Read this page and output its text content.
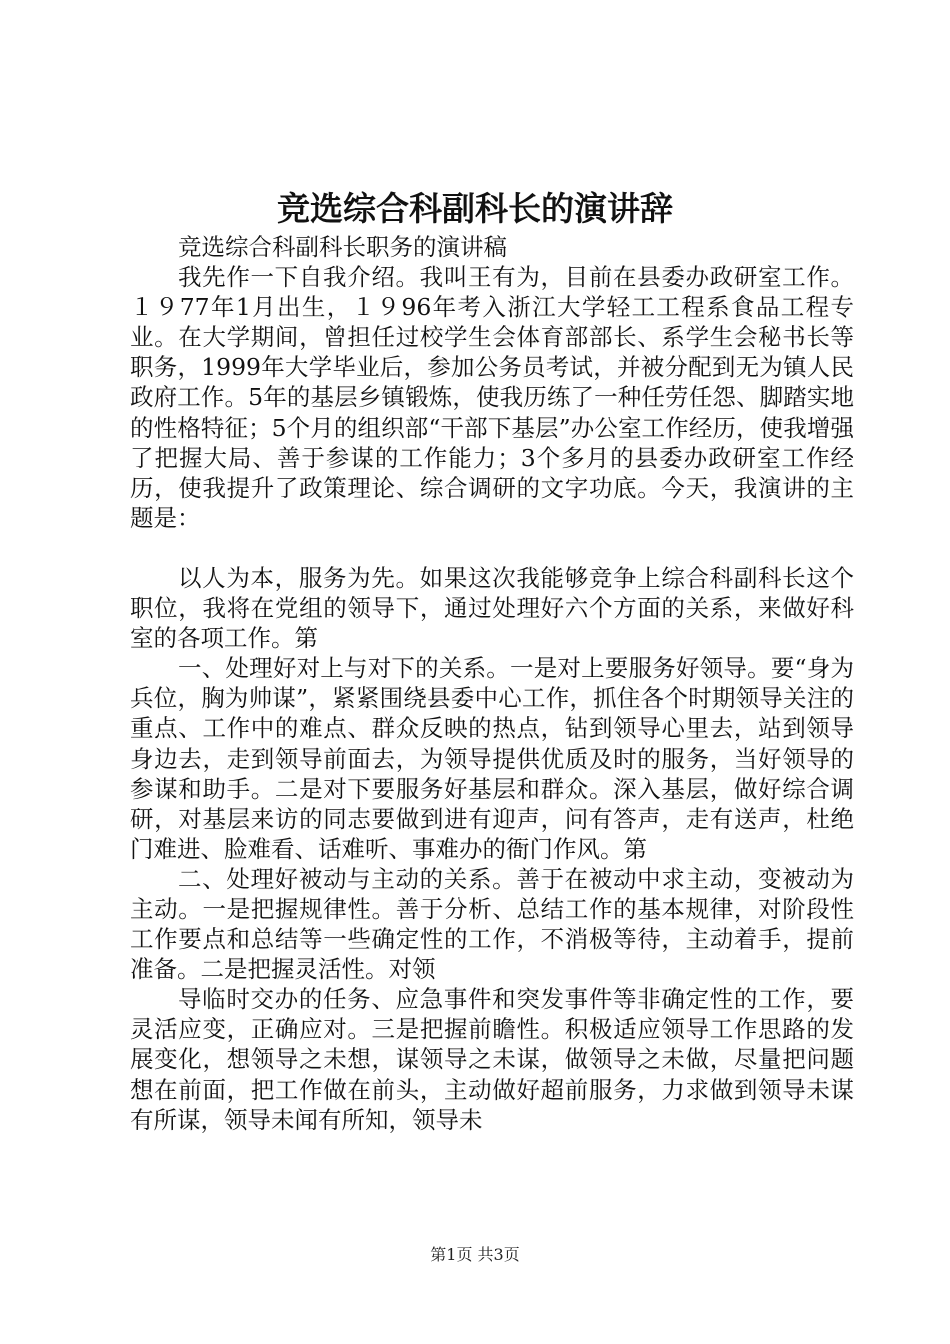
竞选综合科副科长的演讲辞

竞选综合科副科长职务的演讲稿

我先作一下自我介绍。我叫王有为，目前在县委办政研室工作。１９77年1月出生，１９96年考入浙江大学轻工工程系食品工程专业。在大学期间，曾担任过校学生会体育部部长、系学生会秘书长等职务，1999年大学毕业后，参加公务员考试，并被分配到无为镇人民政府工作。5年的基层乡镇锻炼，使我历练了一种任劳任怨、脚踏实地的性格特征；5个月的组织部“干部下基层”办公室工作经历，使我增强了把握大局、善于参谋的工作能力；3个多月的县委办政研室工作经历，使我提升了政策理论、综合调研的文字功底。今天，我演讲的主题是：

以人为本，服务为先。如果这次我能够竞争上综合科副科长这个职位，我将在党组的领导下，通过处理好六个方面的关系，来做好科室的各项工作。第

一、处理好对上与对下的关系。一是对上要服务好领导。要“身为兵位，胸为帅谋”，紧紧围绕县委中心工作，抓住各个时期领导关注的重点、工作中的难点、群众反映的热点，钻到领导心里去，站到领导身边去，走到领导前面去，为领导提供优质及时的服务，当好领导的参谋和助手。二是对下要服务好基层和群众。深入基层，做好综合调研，对基层来访的同志要做到进有迎声，问有答声，走有送声，杜绝门难进、脸难看、话难听、事难办的衙门作风。第

二、处理好被动与主动的关系。善于在被动中求主动，变被动为主动。一是把握规律性。善于分析、总结工作的基本规律，对阶段性工作要点和总结等一些确定性的工作，不消极等待，主动着手，提前准备。二是把握灵活性。对领

导临时交办的任务、应急事件和突发事件等非确定性的工作，要灵活应变，正确应对。三是把握前瞻性。积极适应领导工作思路的发展变化，想领导之未想，谋领导之未谋，做领导之未做，尽量把问题想在前面，把工作做在前头，主动做好超前服务，力求做到领导未谋有所谋，领导未闻有所知，领导未

第1页 共3页
